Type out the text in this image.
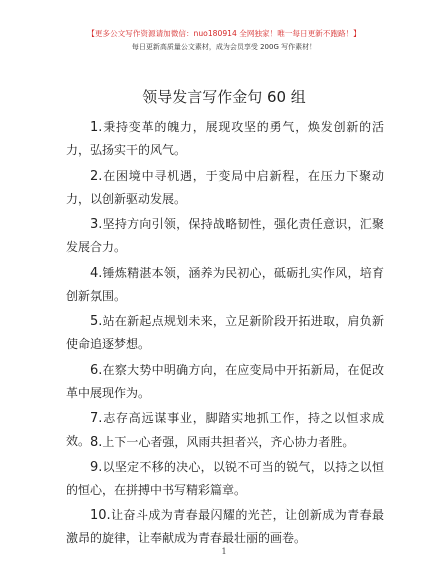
【更多公文写作资源请加微信：nuo180914 全网独家！唯一每日更新不跑路！】
每日更新高质量公文素材，成为会员享受 200G 写作素材！
领导发言写作金句 60 组
1.秉持变革的魄力，展现攻坚的勇气，焕发创新的活力，弘扬实干的风气。
2.在困境中寻机遇，于变局中启新程，在压力下聚动力，以创新驱动发展。
3.坚持方向引领，保持战略韧性，强化责任意识，汇聚发展合力。
4.锤炼精湛本领，涵养为民初心，砥砺扎实作风，培育创新氛围。
5.站在新起点规划未来，立足新阶段开拓进取，肩负新使命追逐梦想。
6.在察大势中明确方向，在应变局中开拓新局，在促改革中展现作为。
7.志存高远谋事业，脚踏实地抓工作，持之以恒求成效。 8.上下一心者强，风雨共担者兴，齐心协力者胜。
9.以坚定不移的决心，以锐不可当的锐气，以持之以恒的恒心，在拼搏中书写精彩篇章。
10.让奋斗成为青春最闪耀的光芒，让创新成为青春最激昂的旋律，让奉献成为青春最壮丽的画卷。
1
